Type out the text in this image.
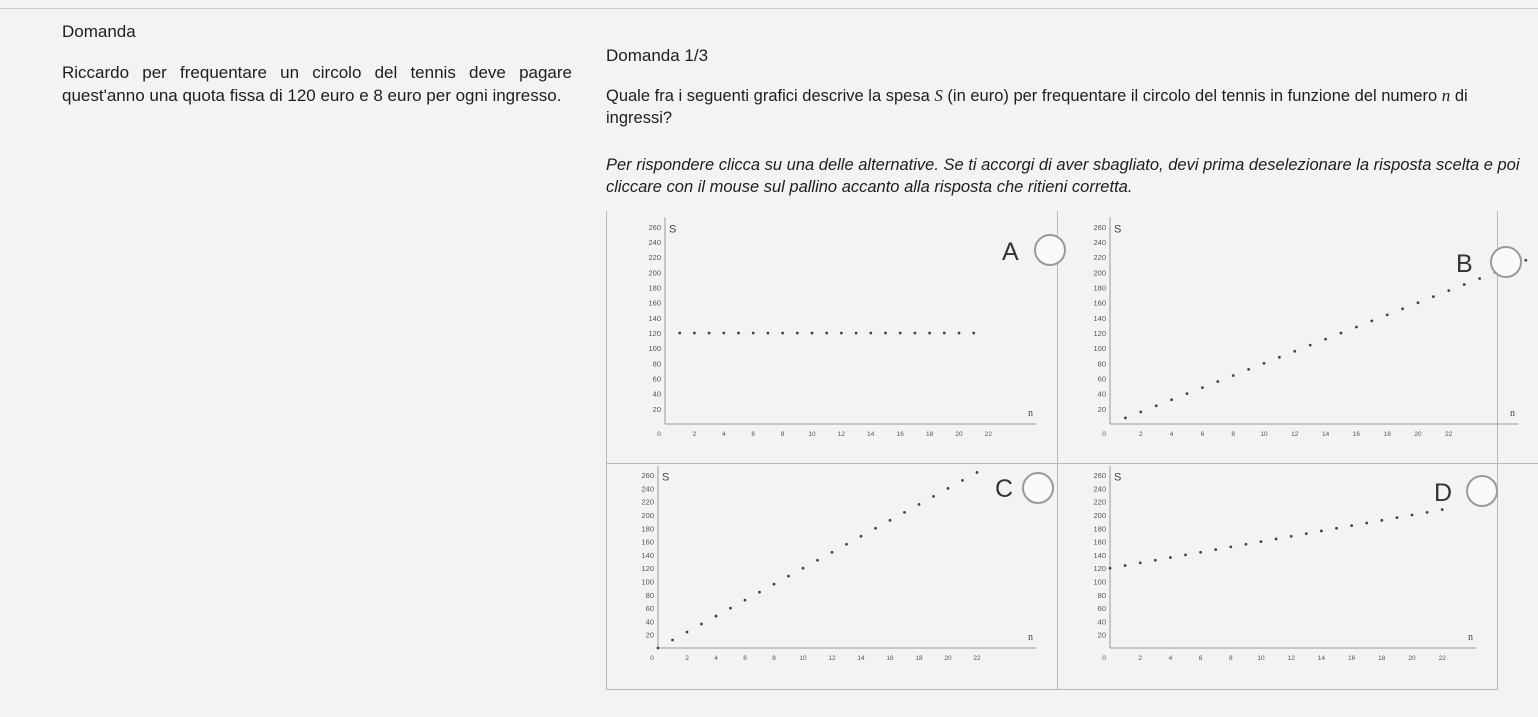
Domanda
Riccardo per frequentare un circolo del tennis deve pagare quest'anno una quota fissa di 120 euro e 8 euro per ogni ingresso.
Domanda 1/3
Quale fra i seguenti grafici descrive la spesa S (in euro) per frequentare il circolo del tennis in funzione del numero n di ingressi?
Per rispondere clicca su una delle alternative. Se ti accorgi di aver sbagliato, devi prima deselezionare la risposta scelta e poi cliccare con il mouse sul pallino accanto alla risposta che ritieni corretta.
20
40
60
80
100
120
140
160
180
200
220
240
260
0	2	4	6	8	10	12	14	16	18	20	22
S
n	20
40
60
80
100
120
140
160
180
200
220
240
260
0	2	4	6	8	10	12	14	16	18	20	22
S
n
20
40
60
80
100
120
140
160
180
200
220
240
260
0	2	4	6	8	10	12	14	16	18	20	22
S
n	20
40
60
80
100
120
140
160
180
200
220
240
260
0	2	4	6	8	10	12	14	16	18	20	22
S
n
A	B
C	D
